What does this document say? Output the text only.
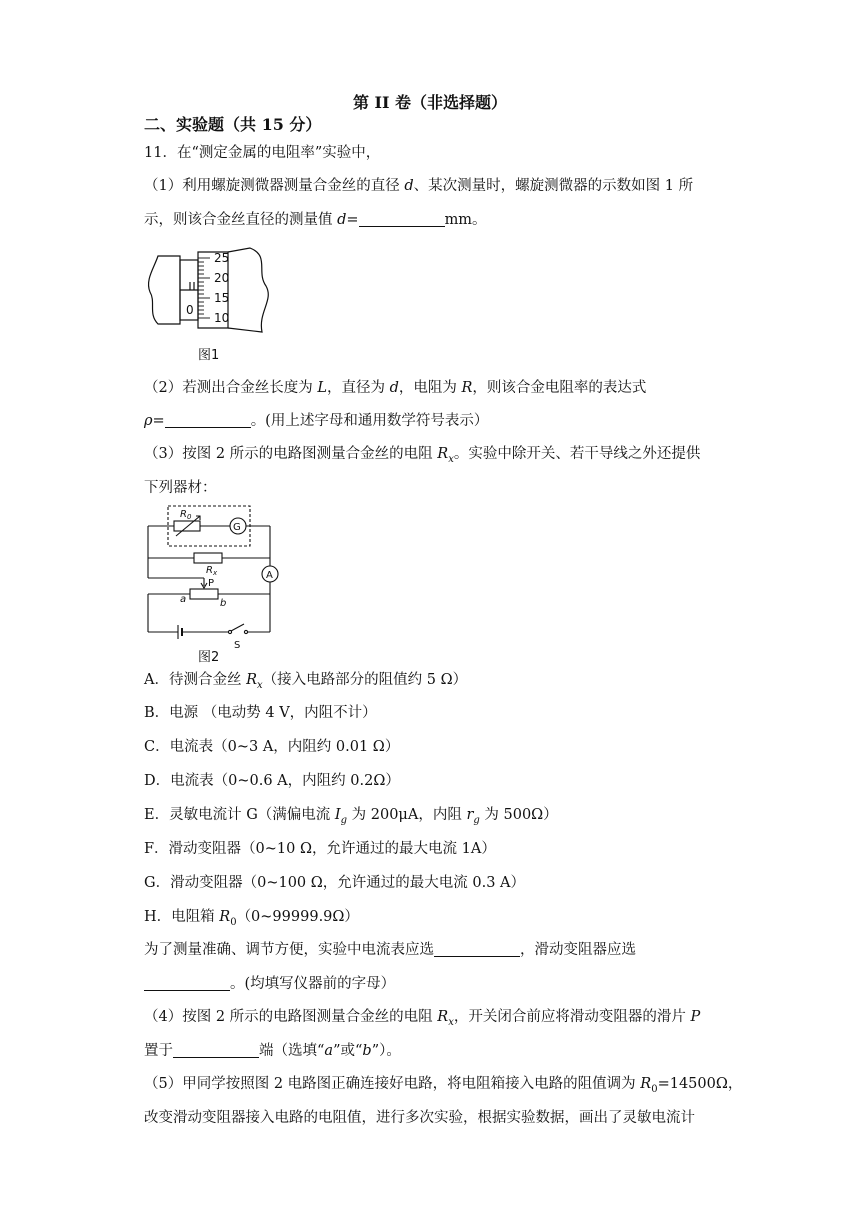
第 II 卷（非选择题）
二、实验题（共 15 分）
11．在“测定金属的电阻率”实验中，
（1）利用螺旋测微器测量合金丝的直径 d、某次测量时，螺旋测微器的示数如图 1 所
示，则该合金丝直径的测量值 d=	mm。
25
20
15
10
0
图1
（2）若测出合金丝长度为 L，直径为 d，电阻为 R，则该合金电阻率的表达式
ρ=	。(用上述字母和通用数学符号表示）
（3）按图 2 所示的电路图测量合金丝的电阻 $R_x$。实验中除开关、若干导线之外还提供
下列器材：
$R_0$
G
$R_x$	A
P
a	b
S
图2
A．待测合金丝 $R_x$（接入电路部分的阻值约 5 Ω）
B．电源 （电动势 4 V，内阻不计）
C．电流表（0~3 A，内阻约 0.01 Ω）
D．电流表（0~0.6 A，内阻约 0.2Ω）
E．灵敏电流计 G（满偏电流 $I_g$ 为 200μA，内阻 $r_g$ 为 500Ω）
F．滑动变阻器（0~10 Ω，允许通过的最大电流 1A）
G．滑动变阻器（0~100 Ω，允许通过的最大电流 0.3 A）
H．电阻箱 $R_0(0\sim 99999.9\Omega)$
为了测量准确、调节方便，实验中电流表应选	，滑动变阻器应选
。(均填写仪器前的字母）
（4）按图 2 所示的电路图测量合金丝的电阻 $R_x$，开关闭合前应将滑动变阻器的滑片 P
置于	端（选填“a”或“b”）。
（5）甲同学按照图 2 电路图正确连接好电路，将电阻箱接入电路的阻值调为 $R_0=14500\Omega$，
改变滑动变阻器接入电路的电阻值，进行多次实验，根据实验数据，画出了灵敏电流计
